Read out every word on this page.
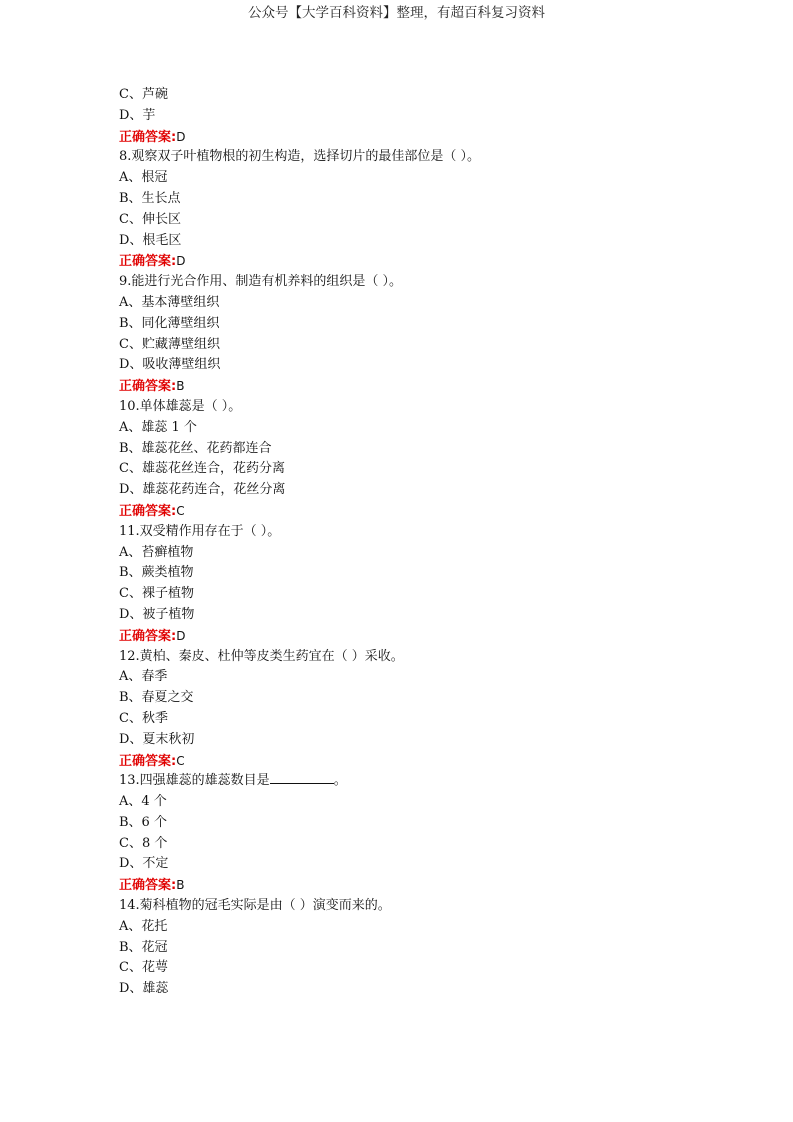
公众号【大学百科资料】整理，有超百科复习资料
C、芦碗
D、芋
正确答案:D
8.观察双子叶植物根的初生构造，选择切片的最佳部位是（ ）。
A、根冠
B、生长点
C、伸长区
D、根毛区
正确答案:D
9.能进行光合作用、制造有机养料的组织是（ ）。
A、基本薄壁组织
B、同化薄壁组织
C、贮藏薄壁组织
D、吸收薄壁组织
正确答案:B
10.单体雄蕊是（ ）。
A、雄蕊 1 个
B、雄蕊花丝、花药都连合
C、雄蕊花丝连合，花药分离
D、雄蕊花药连合，花丝分离
正确答案:C
11.双受精作用存在于（ ）。
A、苔癣植物
B、蕨类植物
C、裸子植物
D、被子植物
正确答案:D
12.黄柏、秦皮、杜仲等皮类生药宜在（ ）采收。
A、春季
B、春夏之交
C、秋季
D、夏末秋初
正确答案:C
13.四强雄蕊的雄蕊数目是	。
A、4 个
B、6 个
C、8 个
D、不定
正确答案:B
14.菊科植物的冠毛实际是由（ ）演变而来的。
A、花托
B、花冠
C、花萼
D、雄蕊
